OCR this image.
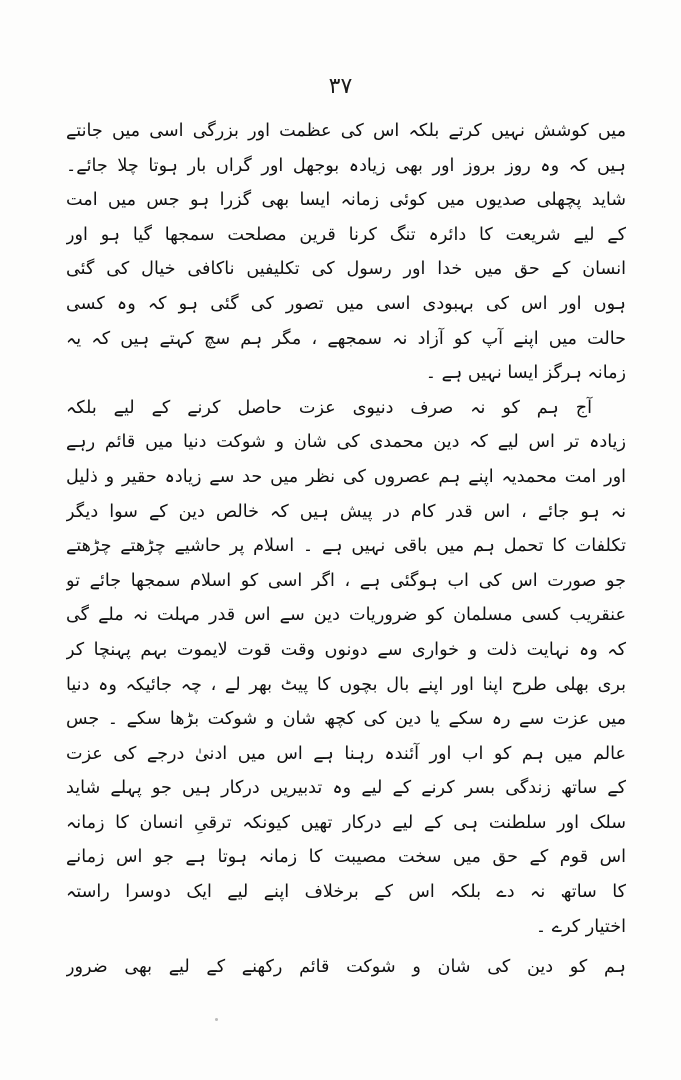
۳۷
میں کوشش نہیں کرتے بلکہ اس کی عظمت اور بزرگی اسی میں جانتے
ہیں کہ وہ روز بروز اور بھی زیادہ بوجھل اور گراں بار ہوتا چلا جائے۔
شاید پچھلی صدیوں میں کوئی زمانہ ایسا بھی گزرا ہو جس میں امت
کے لیے شریعت کا دائرہ تنگ کرنا قرین مصلحت سمجھا گیا ہو اور
انسان کے حق میں خدا اور رسول کی تکلیفیں ناکافی خیال کی گئی
ہوں اور اس کی بہبودی اسی میں تصور کی گئی ہو کہ وہ کسی
حالت میں اپنے آپ کو آزاد نہ سمجھے ، مگر ہم سچ کہتے ہیں کہ یہ
زمانہ ہرگز ایسا نہیں ہے ۔
آج ہم کو نہ صرف دنیوی عزت حاصل کرنے کے لیے بلکہ
زیادہ تر اس لیے کہ دین محمدی کی شان و شوکت دنیا میں قائم رہے
اور امت محمدیہ اپنے ہم عصروں کی نظر میں حد سے زیادہ حقیر و ذلیل
نہ ہو جائے ، اس قدر کام در پیش ہیں کہ خالص دین کے سوا دیگر
تکلفات کا تحمل ہم میں باقی نہیں ہے ۔ اسلام پر حاشیے چڑھتے چڑھتے
جو صورت اس کی اب ہوگئی ہے ، اگر اسی کو اسلام سمجھا جائے تو
عنقریب کسی مسلمان کو ضروریات دین سے اس قدر مہلت نہ ملے گی
کہ وہ نہایت ذلت و خواری سے دونوں وقت قوت لایموت بہم پہنچا کر
بری بھلی طرح اپنا اور اپنے بال بچوں کا پیٹ بھر لے ، چہ جائیکہ وہ دنیا
میں عزت سے رہ سکے یا دین کی کچھ شان و شوکت بڑھا سکے ۔ جس
عالم میں ہم کو اب اور آئندہ رہنا ہے اس میں ادنیٰ درجے کی عزت
کے ساتھ زندگی بسر کرنے کے لیے وہ تدبیریں درکار ہیں جو پہلے شاید
سلک اور سلطنت ہی کے لیے درکار تھیں کیونکہ ترقیِ انسان کا زمانہ
اس قوم کے حق میں سخت مصیبت کا زمانہ ہوتا ہے جو اس زمانے
کا ساتھ نہ دے بلکہ اس کے برخلاف اپنے لیے ایک دوسرا راستہ
اختیار کرے ۔
ہم کو دین کی شان و شوکت قائم رکھنے کے لیے بھی ضرور
